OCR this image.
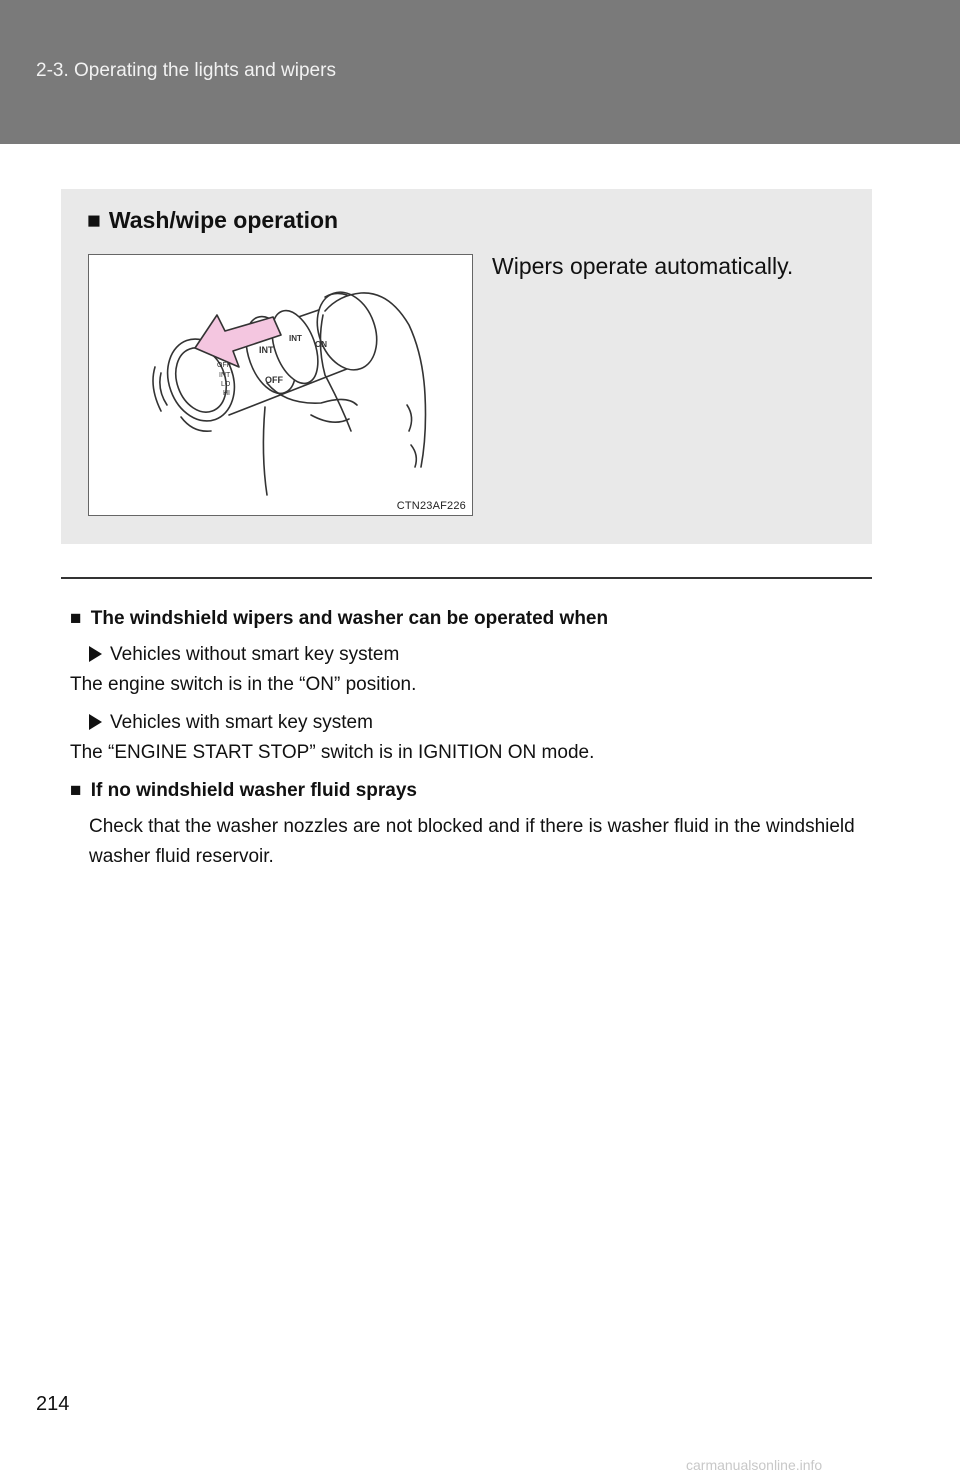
2-3. Operating the lights and wipers
■ Wash/wipe operation
OFF
INT
LO
HI
INT
OFF
INT
ON
CTN23AF226
Wipers operate automatically.

■ The windshield wipers and washer can be operated when

Vehicles without smart key system
The engine switch is in the “ON” position.
Vehicles with smart key system
The “ENGINE START STOP” switch is in IGNITION ON mode.

■ If no windshield washer fluid sprays

Check that the washer nozzles are not blocked and if there is washer fluid in the windshield washer fluid reservoir.
214
carmanualsonline.info
